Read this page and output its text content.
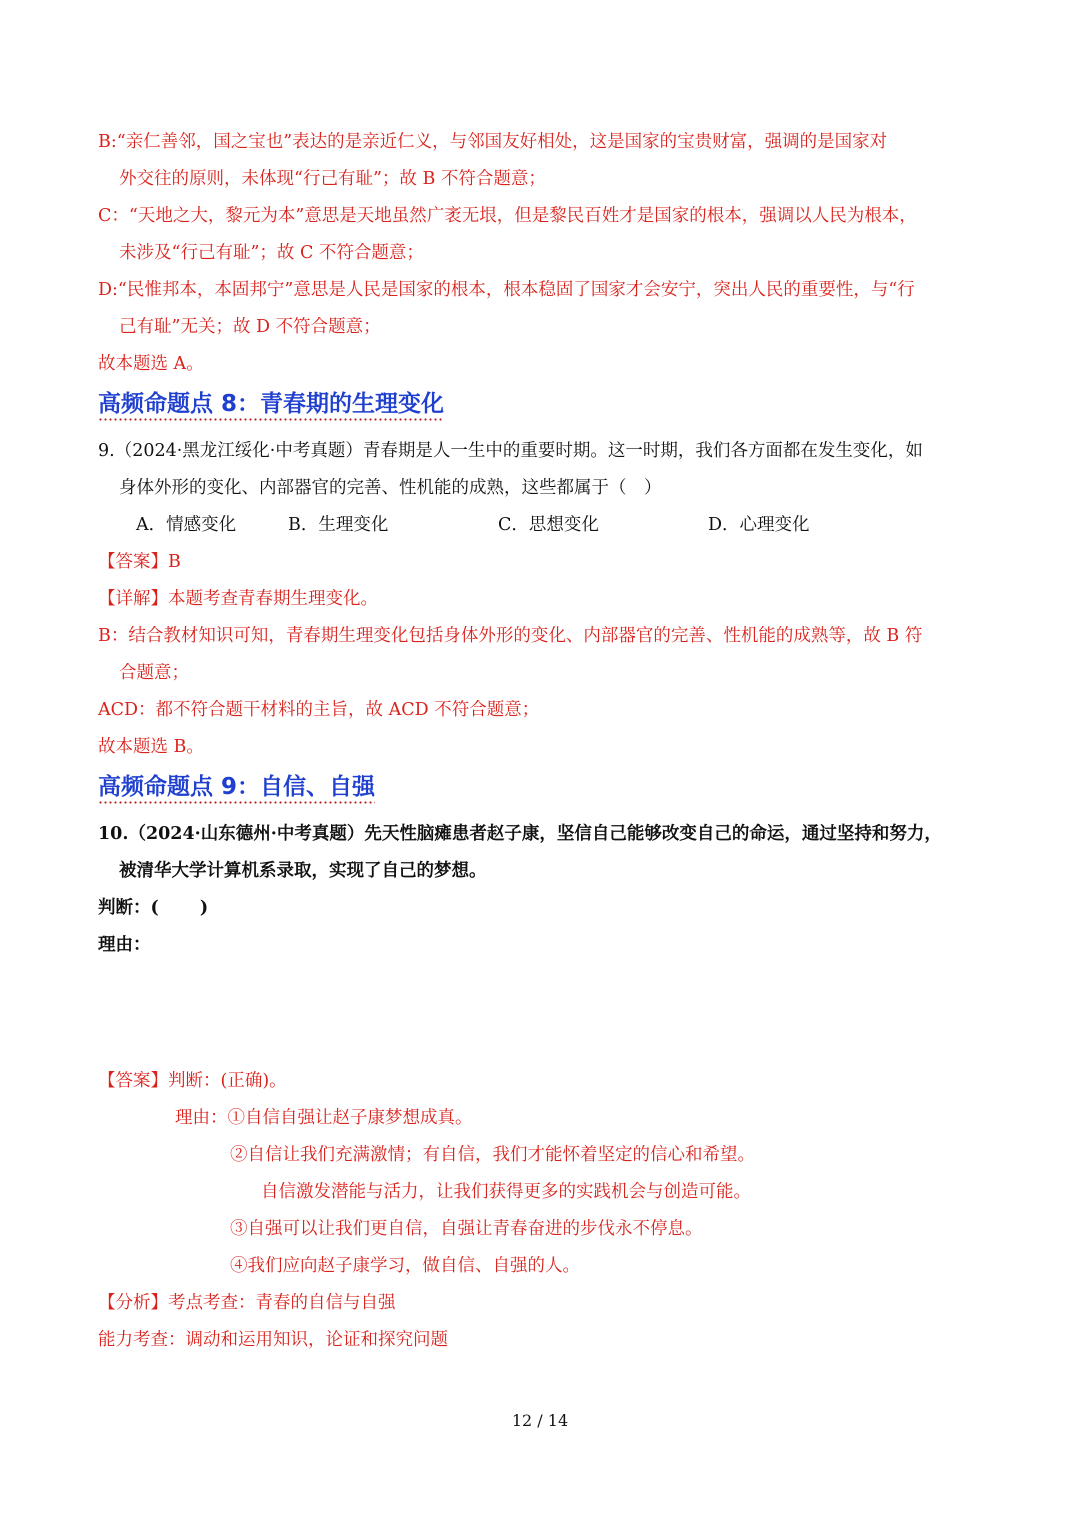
B:“亲仁善邻，国之宝也”表达的是亲近仁义，与邻国友好相处，这是国家的宝贵财富，强调的是国家对
外交往的原则，未体现“行己有耻”；故 B 不符合题意；
C：“天地之大，黎元为本”意思是天地虽然广袤无垠，但是黎民百姓才是国家的根本，强调以人民为根本，
未涉及“行己有耻”；故 C 不符合题意；
D:“民惟邦本，本固邦宁”意思是人民是国家的根本，根本稳固了国家才会安宁，突出人民的重要性，与“行
己有耻”无关；故 D 不符合题意；
故本题选 A。
高频命题点 8：青春期的生理变化
9.（2024·黑龙江绥化·中考真题）青春期是人一生中的重要时期。这一时期，我们各方面都在发生变化，如
身体外形的变化、内部器官的完善、性机能的成熟，这些都属于（　）
A．情感变化	B．生理变化	C．思想变化	D．心理变化
【答案】B
【详解】本题考查青春期生理变化。
B：结合教材知识可知，青春期生理变化包括身体外形的变化、内部器官的完善、性机能的成熟等，故 B 符
合题意；
ACD：都不符合题干材料的主旨，故 ACD 不符合题意；
故本题选 B。
高频命题点 9：自信、自强
10.（2024·山东德州·中考真题）先天性脑瘫患者赵子康，坚信自己能够改变自己的命运，通过坚持和努力，
被清华大学计算机系录取，实现了自己的梦想。
判断：(　　 )
理由：
【答案】判断：(正确)。
理由：①自信自强让赵子康梦想成真。
②自信让我们充满激情；有自信，我们才能怀着坚定的信心和希望。
自信激发潜能与活力，让我们获得更多的实践机会与创造可能。
③自强可以让我们更自信，自强让青春奋进的步伐永不停息。
④我们应向赵子康学习，做自信、自强的人。
【分析】考点考查：青春的自信与自强
能力考查：调动和运用知识，论证和探究问题
12 / 14
